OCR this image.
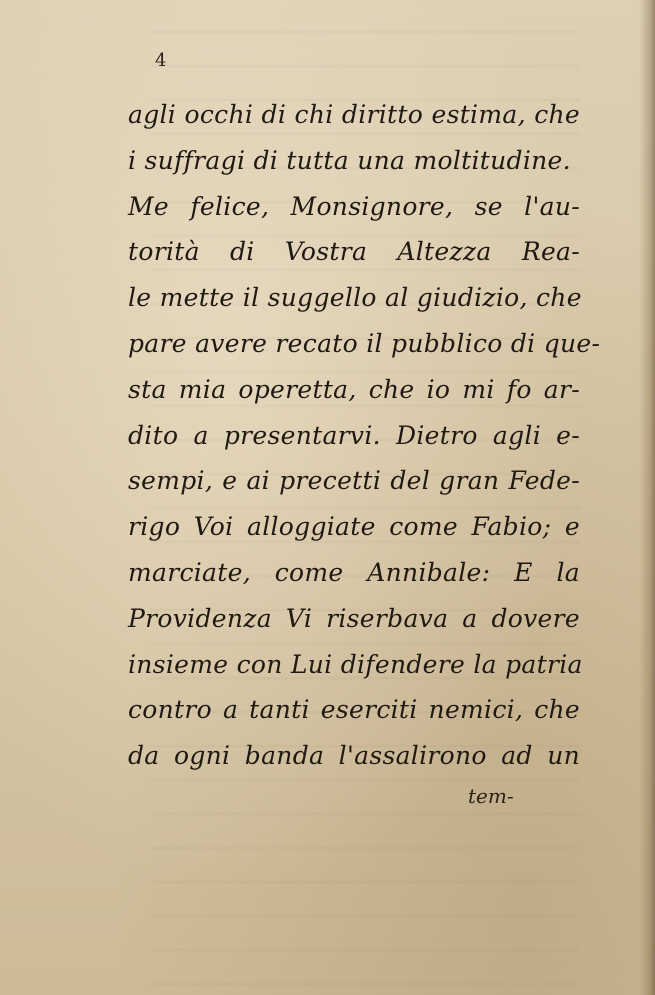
4
agli occhi di chi diritto estima, che
i suffragi di tutta una moltitudine.
Me felice, Monsignore, se l'au-
torità di Vostra Altezza Rea-
le mette il suggello al giudizio, che
pare avere recato il pubblico di que-
sta mia operetta, che io mi fo ar-
dito a presentarvi. Dietro agli e-
sempi, e ai precetti del gran Fede-
rigo Voi alloggiate come Fabio; e
marciate, come Annibale: E la
Providenza Vi riserbava a dovere
insieme con Lui difendere la patria
contro a tanti eserciti nemici, che
da ogni banda l'assalirono ad un
tem-
